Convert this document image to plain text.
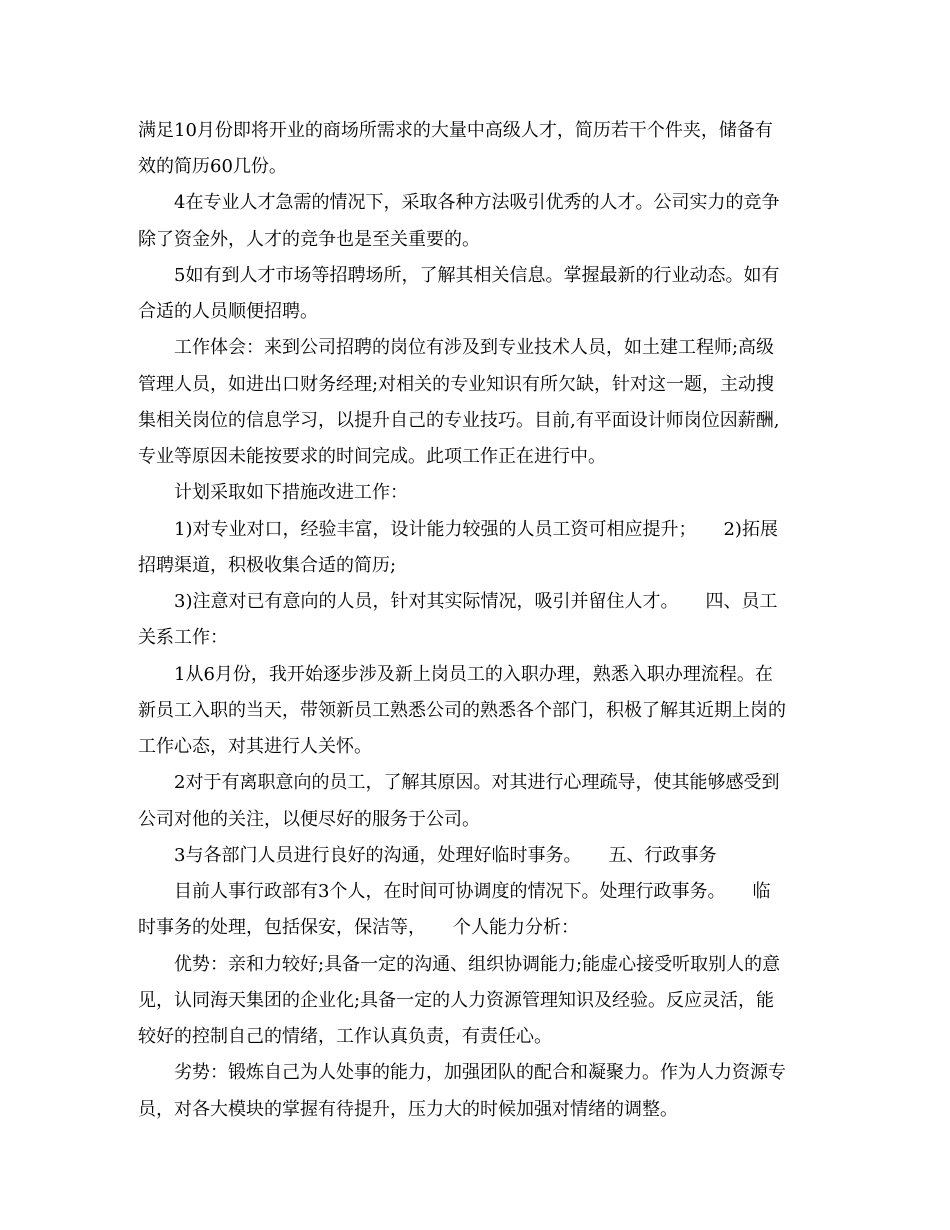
满足10月份即将开业的商场所需求的大量中高级人才，简历若干个件夹，储备有
效的简历60几份。
4在专业人才急需的情况下，采取各种方法吸引优秀的人才。公司实力的竞争
除了资金外，人才的竞争也是至关重要的。
5如有到人才市场等招聘场所，了解其相关信息。掌握最新的行业动态。如有
合适的人员顺便招聘。
工作体会：来到公司招聘的岗位有涉及到专业技术人员，如土建工程师;高级
管理人员，如进出口财务经理;对相关的专业知识有所欠缺，针对这一题，主动搜
集相关岗位的信息学习，以提升自己的专业技巧。目前,有平面设计师岗位因薪酬,
专业等原因未能按要求的时间完成。此项工作正在进行中。
计划采取如下措施改进工作：
1)对专业对口，经验丰富，设计能力较强的人员工资可相应提升；　　2)拓展
招聘渠道，积极收集合适的简历;
3)注意对已有意向的人员，针对其实际情况，吸引并留住人才。　　四、员工
关系工作：
1从6月份，我开始逐步涉及新上岗员工的入职办理，熟悉入职办理流程。在
新员工入职的当天，带领新员工熟悉公司的熟悉各个部门，积极了解其近期上岗的
工作心态，对其进行人关怀。
2对于有离职意向的员工，了解其原因。对其进行心理疏导，使其能够感受到
公司对他的关注，以便尽好的服务于公司。
3与各部门人员进行良好的沟通，处理好临时事务。　　五、行政事务
目前人事行政部有3个人，在时间可协调度的情况下。处理行政事务。　　临
时事务的处理，包括保安，保洁等，　　个人能力分析：
优势：亲和力较好;具备一定的沟通、组织协调能力;能虚心接受听取别人的意
见，认同海天集团的企业化;具备一定的人力资源管理知识及经验。反应灵活，能
较好的控制自己的情绪，工作认真负责，有责任心。
劣势：锻炼自己为人处事的能力，加强团队的配合和凝聚力。作为人力资源专
员，对各大模块的掌握有待提升，压力大的时候加强对情绪的调整。
